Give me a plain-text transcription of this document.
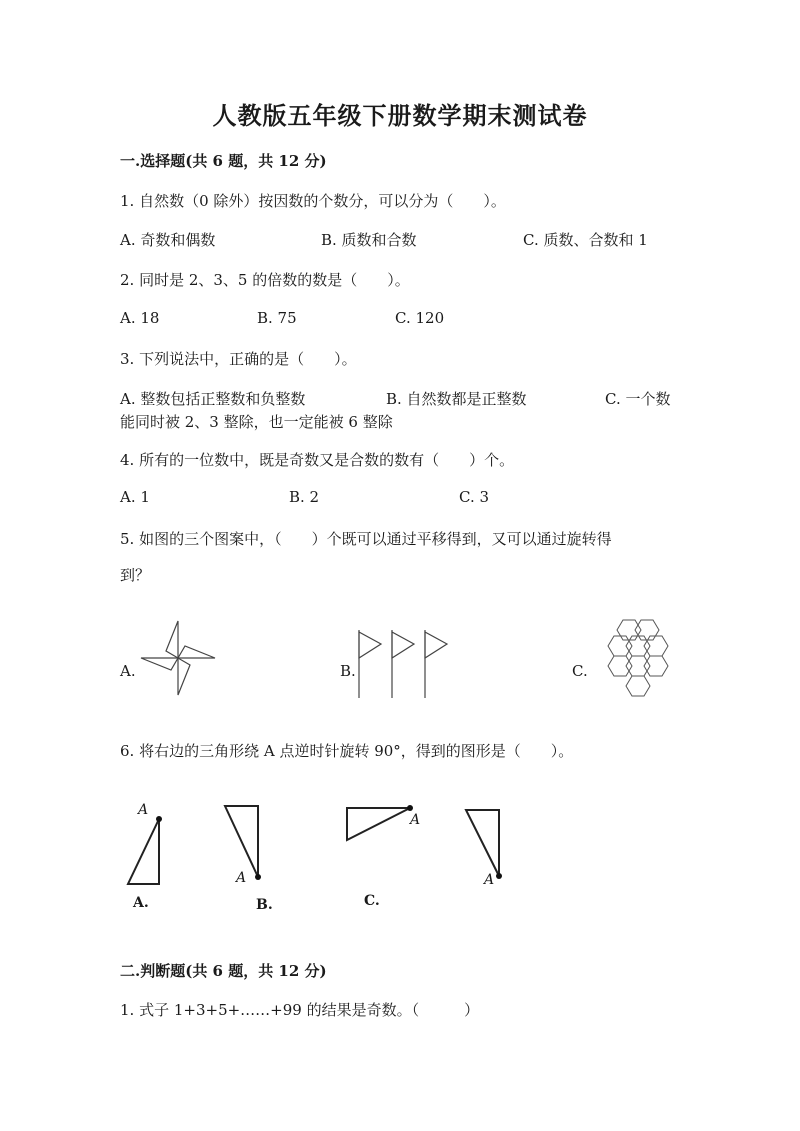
人教版五年级下册数学期末测试卷
一.选择题(共 6 题，共 12 分)
1. 自然数（0 除外）按因数的个数分，可以分为（　　）。
A. 奇数和偶数	B. 质数和合数	C. 质数、合数和 1
2. 同时是 2、3、5 的倍数的数是（　　）。
A. 18	B. 75	C. 120
3. 下列说法中，正确的是（　　）。
A. 整数包括正整数和负整数	B. 自然数都是正整数	C. 一个数
能同时被 2、3 整除，也一定能被 6 整除
4. 所有的一位数中，既是奇数又是合数的数有（　　）个。
A. 1	B. 2	C. 3
5. 如图的三个图案中，（　　）个既可以通过平移得到，又可以通过旋转得
到？
A.	B.	C.
6. 将右边的三角形绕 A 点逆时针旋转 90°，得到的图形是（　　）。
A
A
A
A
A.	B.	C.
二.判断题(共 6 题，共 12 分)
1. 式子 1+3+5+……+99 的结果是奇数。（　　　）
